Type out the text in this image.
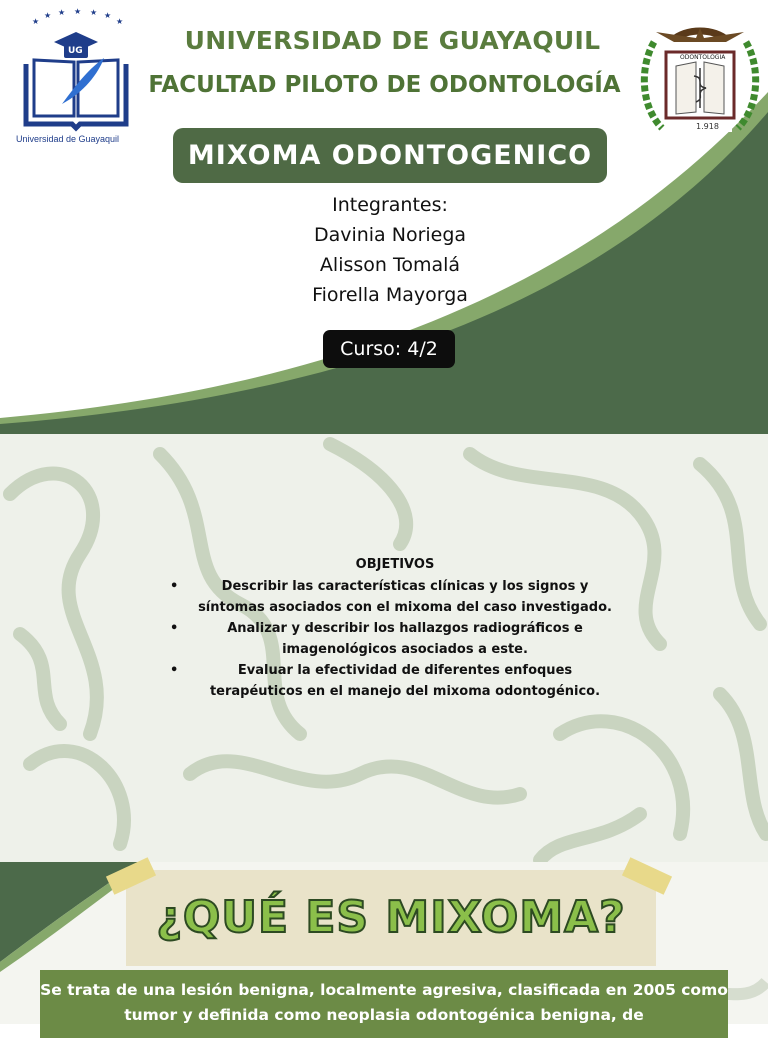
★
★ ★ ★ ★ ★
★
UG
Universidad de Guayaquil
UNIVERSIDAD DE GUAYAQUIL
FACULTAD PILOTO DE ODONTOLOGÍA
ODONTOLOGIA
1.918
MIXOMA ODONTOGENICO
Integrantes:
Davinia Noriega
Alisson Tomalá
Fiorella Mayorga
Curso: 4/2
OBJETIVOS
•	Describir las características clínicas y los signos y síntomas asociados con el mixoma del caso investigado.
•	Analizar y describir los hallazgos radiográficos e imagenológicos asociados a este.
•	Evaluar la efectividad de diferentes enfoques terapéuticos en el manejo del mixoma odontogénico.
¿QUÉ ES MIXOMA?
Se trata de una lesión benigna, localmente agresiva, clasificada en 2005 como tumor y definida como neoplasia odontogénica benigna, de
